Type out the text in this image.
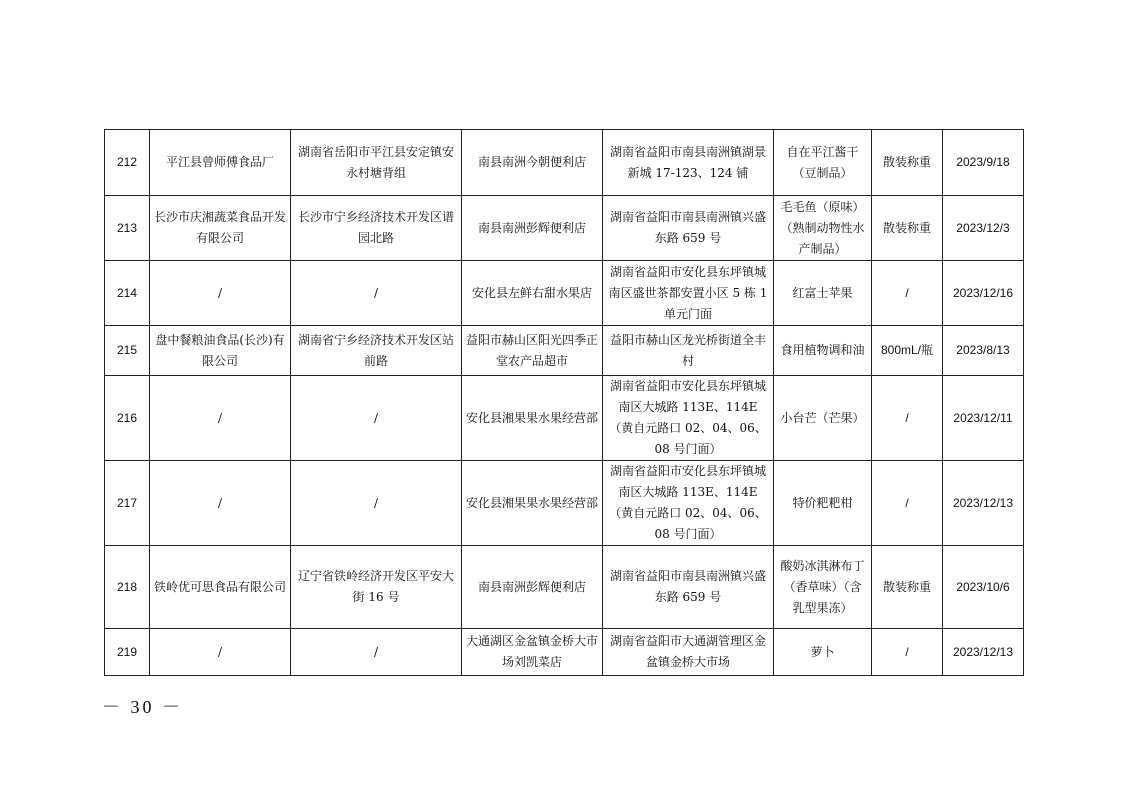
212	平江县曾师傅食品厂	湖南省岳阳市平江县安定镇安永村塘背组	南县南洲今朝便利店	湖南省益阳市南县南洲镇湖景新城 17-123、124 铺	自在平江酱干（豆制品）	散装称重	2023/9/18
213	长沙市庆湘蔬菜食品开发有限公司	长沙市宁乡经济技术开发区谱园北路	南县南洲彭辉便利店	湖南省益阳市南县南洲镇兴盛东路 659 号	毛毛鱼（原味）（熟制动物性水产制品）	散装称重	2023/12/3
214	/	/	安化县左鲜右甜水果店	湖南省益阳市安化县东坪镇城南区盛世茶都安置小区 5 栋 1 单元门面	红富士苹果	/	2023/12/16
215	盘中餐粮油食品(长沙)有限公司	湖南省宁乡经济技术开发区站前路	益阳市赫山区阳光四季正堂农产品超市	益阳市赫山区龙光桥街道全丰村	食用植物调和油	800mL/瓶	2023/8/13
216	/	/	安化县湘果果水果经营部	湖南省益阳市安化县东坪镇城南区大城路 113E、114E（黄自元路口 02、04、06、08 号门面）	小台芒（芒果）	/	2023/12/11
217	/	/	安化县湘果果水果经营部	湖南省益阳市安化县东坪镇城南区大城路 113E、114E（黄自元路口 02、04、06、08 号门面）	特价粑粑柑	/	2023/12/13
218	铁岭优可思食品有限公司	辽宁省铁岭经济开发区平安大街 16 号	南县南洲彭辉便利店	湖南省益阳市南县南洲镇兴盛东路 659 号	酸奶冰淇淋布丁（香草味）（含乳型果冻）	散装称重	2023/10/6
219	/	/	大通湖区金盆镇金桥大市场刘凯菜店	湖南省益阳市大通湖管理区金盆镇金桥大市场	萝卜	/	2023/12/13
－ 30 －
